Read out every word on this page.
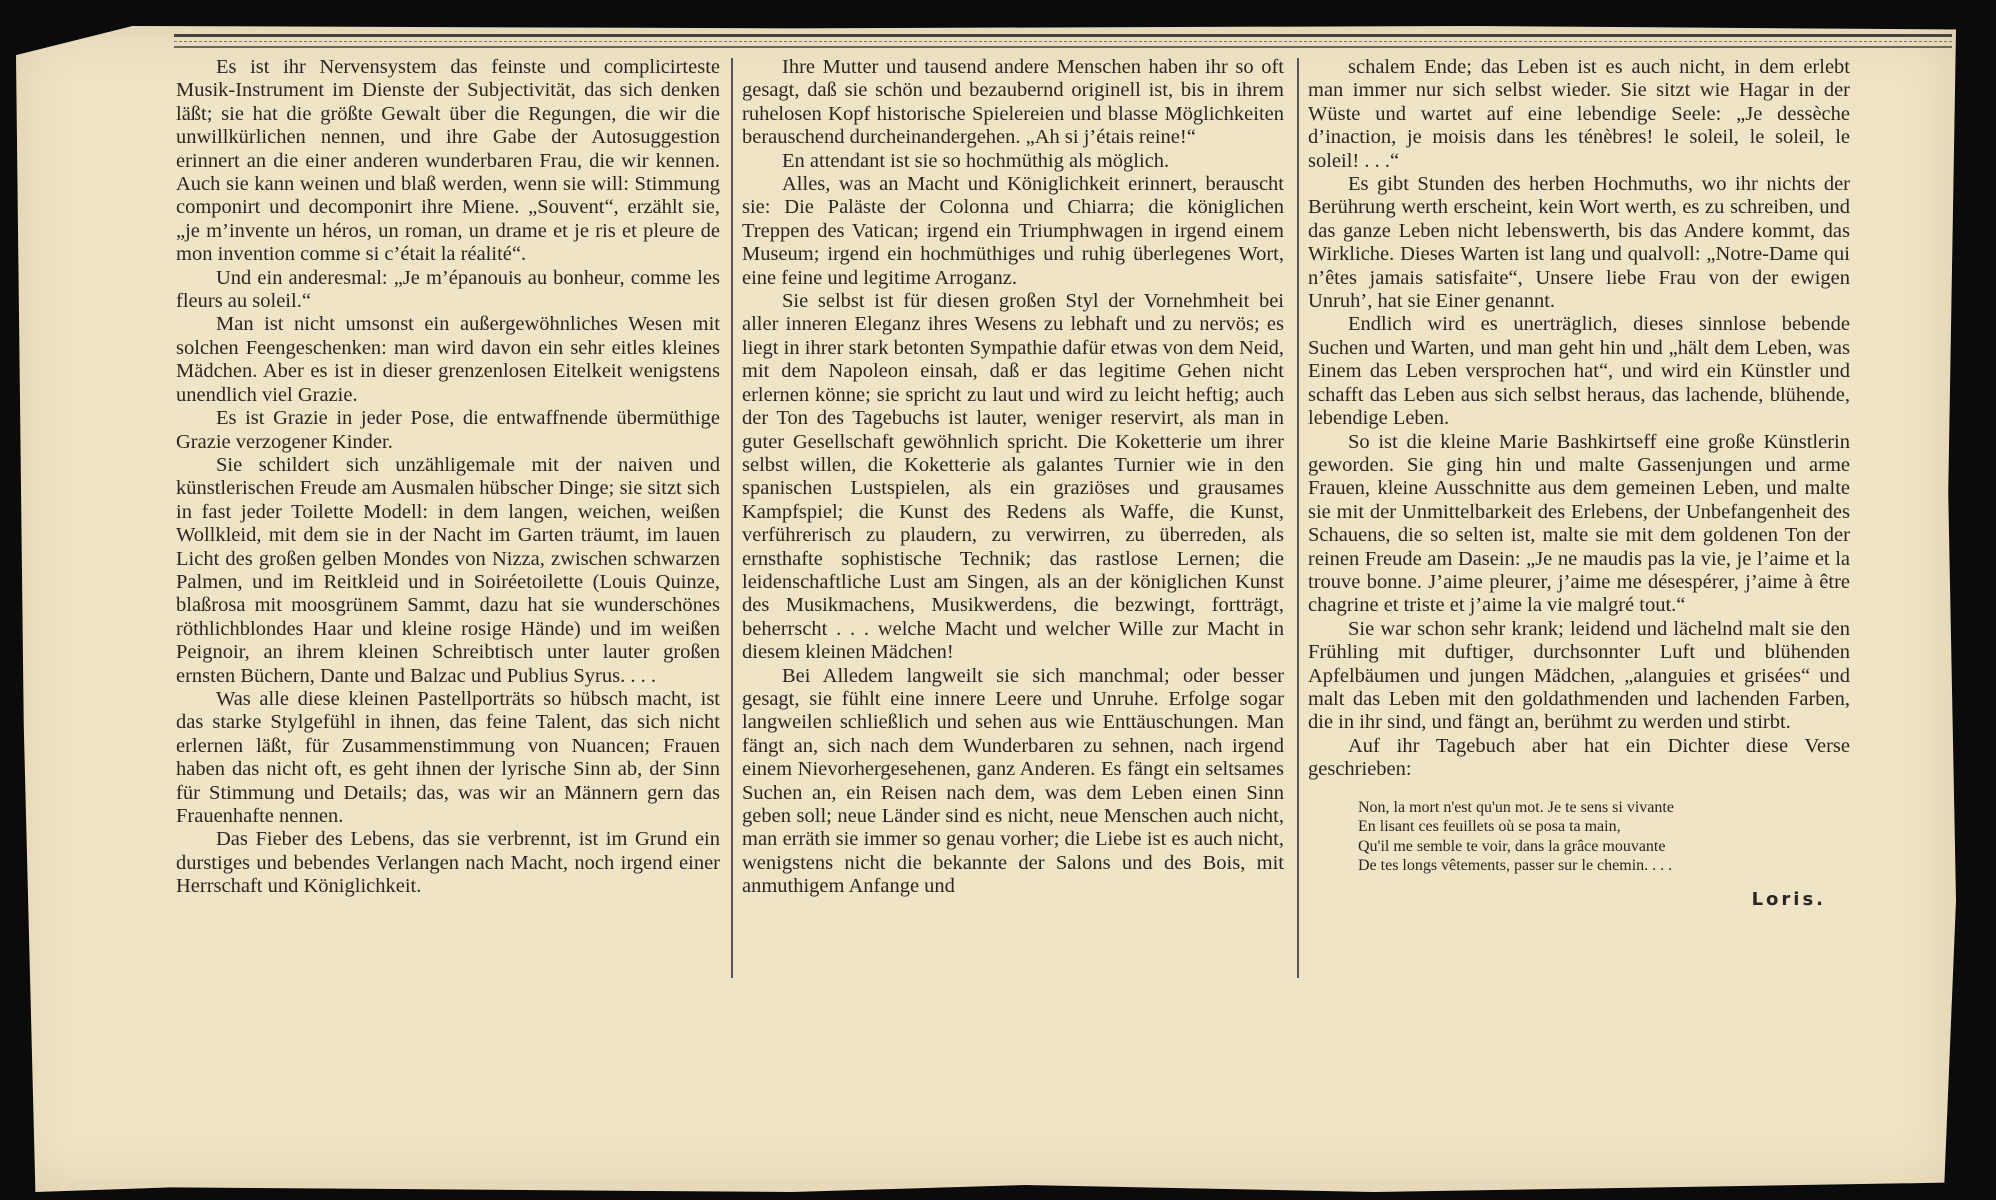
Es ist ihr Nervensystem das feinste und complicirteste Musik-Instrument im Dienste der Subjectivität, das sich denken läßt; sie hat die größte Gewalt über die Regungen, die wir die unwillkürlichen nennen, und ihre Gabe der Autosuggestion erinnert an die einer anderen wunderbaren Frau, die wir kennen. Auch sie kann weinen und blaß werden, wenn sie will: Stimmung componirt und decomponirt ihre Miene. „Souvent“, erzählt sie, „je m’invente un héros, un roman, un drame et je ris et pleure de mon invention comme si c’était la réalité“.

Und ein anderesmal: „Je m’épanouis au bonheur, comme les fleurs au soleil.“

Man ist nicht umsonst ein außergewöhnliches Wesen mit solchen Feengeschenken: man wird davon ein sehr eitles kleines Mädchen. Aber es ist in dieser grenzenlosen Eitelkeit wenigstens unendlich viel Grazie.

Es ist Grazie in jeder Pose, die entwaffnende übermüthige Grazie verzogener Kinder.

Sie schildert sich unzähligemale mit der naiven und künstlerischen Freude am Ausmalen hübscher Dinge; sie sitzt sich in fast jeder Toilette Modell: in dem langen, weichen, weißen Wollkleid, mit dem sie in der Nacht im Garten träumt, im lauen Licht des großen gelben Mondes von Nizza, zwischen schwarzen Palmen, und im Reitkleid und in Soiréetoilette (Louis Quinze, blaßrosa mit moosgrünem Sammt, dazu hat sie wunderschönes röthlichblondes Haar und kleine rosige Hände) und im weißen Peignoir, an ihrem kleinen Schreibtisch unter lauter großen ernsten Büchern, Dante und Balzac und Publius Syrus. . . .

Was alle diese kleinen Pastellporträts so hübsch macht, ist das starke Stylgefühl in ihnen, das feine Talent, das sich nicht erlernen läßt, für Zusammenstimmung von Nuancen; Frauen haben das nicht oft, es geht ihnen der lyrische Sinn ab, der Sinn für Stimmung und Details; das, was wir an Männern gern das Frauenhafte nennen.

Das Fieber des Lebens, das sie verbrennt, ist im Grund ein durstiges und bebendes Verlangen nach Macht, noch irgend einer Herrschaft und Königlichkeit.

Ihre Mutter und tausend andere Menschen haben ihr so oft gesagt, daß sie schön und bezaubernd originell ist, bis in ihrem ruhelosen Kopf historische Spielereien und blasse Möglichkeiten berauschend durcheinandergehen. „Ah si j’étais reine!“

En attendant ist sie so hochmüthig als möglich.

Alles, was an Macht und Königlichkeit erinnert, berauscht sie: Die Paläste der Colonna und Chiarra; die königlichen Treppen des Vatican; irgend ein Triumphwagen in irgend einem Museum; irgend ein hochmüthiges und ruhig überlegenes Wort, eine feine und legitime Arroganz.

Sie selbst ist für diesen großen Styl der Vornehmheit bei aller inneren Eleganz ihres Wesens zu lebhaft und zu nervös; es liegt in ihrer stark betonten Sympathie dafür etwas von dem Neid, mit dem Napoleon einsah, daß er das legitime Gehen nicht erlernen könne; sie spricht zu laut und wird zu leicht heftig; auch der Ton des Tagebuchs ist lauter, weniger reservirt, als man in guter Gesellschaft gewöhnlich spricht. Die Koketterie um ihrer selbst willen, die Koketterie als galantes Turnier wie in den spanischen Lustspielen, als ein graziöses und grausames Kampfspiel; die Kunst des Redens als Waffe, die Kunst, verführerisch zu plaudern, zu verwirren, zu überreden, als ernsthafte sophistische Technik; das rastlose Lernen; die leidenschaftliche Lust am Singen, als an der königlichen Kunst des Musikmachens, Musikwerdens, die bezwingt, fortträgt, beherrscht . . . welche Macht und welcher Wille zur Macht in diesem kleinen Mädchen!

Bei Alledem langweilt sie sich manchmal; oder besser gesagt, sie fühlt eine innere Leere und Unruhe. Erfolge sogar langweilen schließlich und sehen aus wie Enttäuschungen. Man fängt an, sich nach dem Wunderbaren zu sehnen, nach irgend einem Nievorhergesehenen, ganz Anderen. Es fängt ein seltsames Suchen an, ein Reisen nach dem, was dem Leben einen Sinn geben soll; neue Länder sind es nicht, neue Menschen auch nicht, man erräth sie immer so genau vorher; die Liebe ist es auch nicht, wenigstens nicht die bekannte der Salons und des Bois, mit anmuthigem Anfange und

schalem Ende; das Leben ist es auch nicht, in dem erlebt man immer nur sich selbst wieder. Sie sitzt wie Hagar in der Wüste und wartet auf eine lebendige Seele: „Je dessèche d’inaction, je moisis dans les ténèbres! le soleil, le soleil, le soleil! . . .“

Es gibt Stunden des herben Hochmuths, wo ihr nichts der Berührung werth erscheint, kein Wort werth, es zu schreiben, und das ganze Leben nicht lebenswerth, bis das Andere kommt, das Wirkliche. Dieses Warten ist lang und qualvoll: „Notre-Dame qui n’êtes jamais satisfaite“, Unsere liebe Frau von der ewigen Unruh’, hat sie Einer genannt.

Endlich wird es unerträglich, dieses sinnlose bebende Suchen und Warten, und man geht hin und „hält dem Leben, was Einem das Leben versprochen hat“, und wird ein Künstler und schafft das Leben aus sich selbst heraus, das lachende, blühende, lebendige Leben.

So ist die kleine Marie Bashkirtseff eine große Künstlerin geworden. Sie ging hin und malte Gassenjungen und arme Frauen, kleine Ausschnitte aus dem gemeinen Leben, und malte sie mit der Unmittelbarkeit des Erlebens, der Unbefangenheit des Schauens, die so selten ist, malte sie mit dem goldenen Ton der reinen Freude am Dasein: „Je ne maudis pas la vie, je l’aime et la trouve bonne. J’aime pleurer, j’aime me désespérer, j’aime à être chagrine et triste et j’aime la vie malgré tout.“

Sie war schon sehr krank; leidend und lächelnd malt sie den Frühling mit duftiger, durchsonnter Luft und blühenden Apfelbäumen und jungen Mädchen, „alanguies et grisées“ und malt das Leben mit den goldathmenden und lachenden Farben, die in ihr sind, und fängt an, berühmt zu werden und stirbt.

Auf ihr Tagebuch aber hat ein Dichter diese Verse geschrieben:

Non, la mort n'est qu'un mot. Je te sens si vivante
En lisant ces feuillets où se posa ta main,
Qu'il me semble te voir, dans la grâce mouvante
De tes longs vêtements, passer sur le chemin. . . .
Loris.
